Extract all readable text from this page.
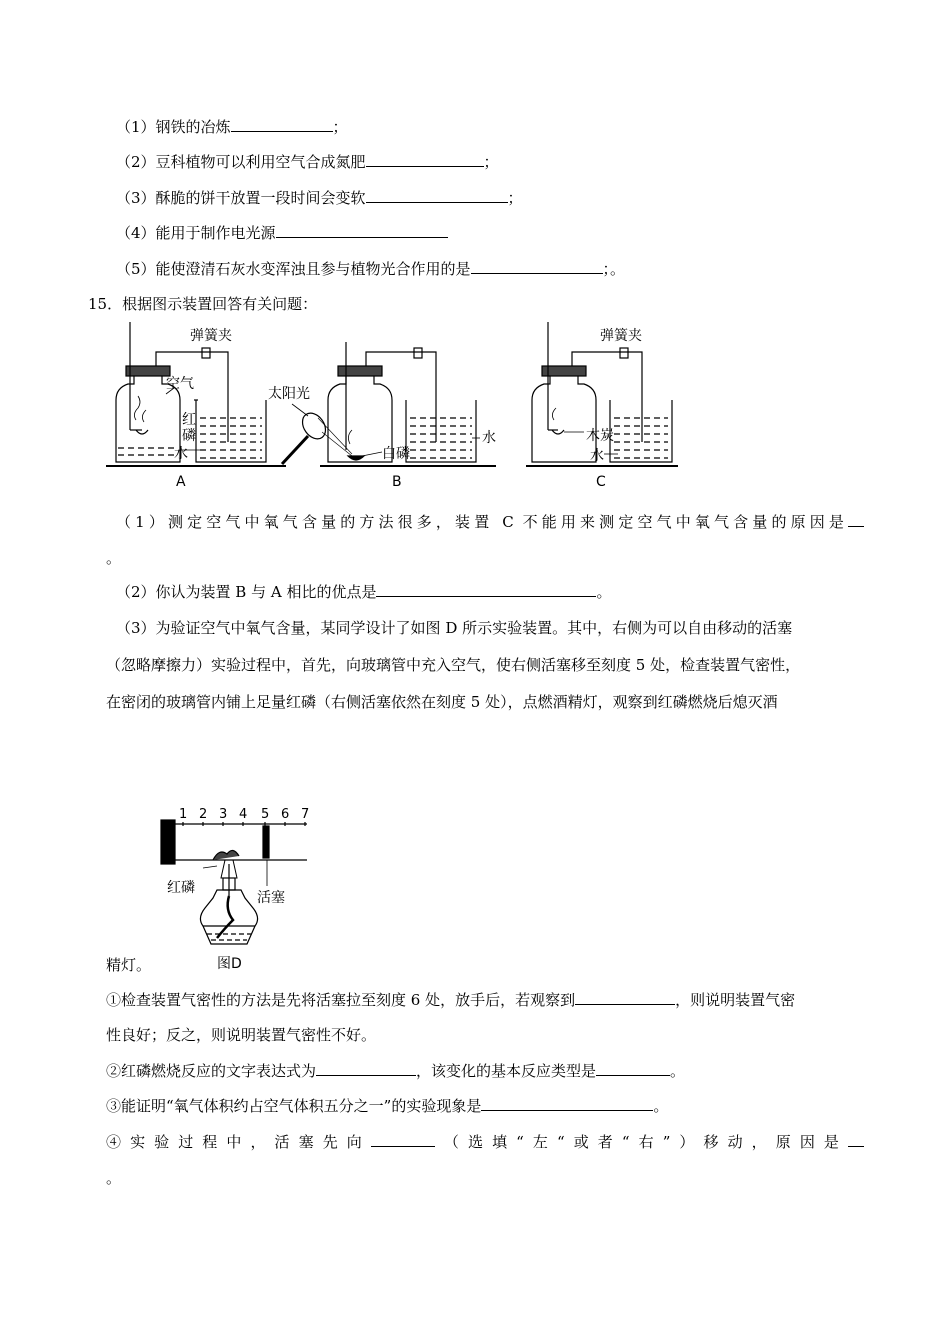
（1）钢铁的冶炼	；
（2）豆科植物可以利用空气合成氮肥	；
（3）酥脆的饼干放置一段时间会变软	；
（4）能用于制作电光源
（5）能使澄清石灰水变浑浊且参与植物光合作用的是	；。
15．根据图示装置回答有关问题：
弹簧夹
空气
红
磷
水
A
太阳光
白磷
水
B
弹簧夹
木炭
水
C
（1）测定空气中氧气含量的方法很多，装置 C 不能用来测定空气中氧气含量的原因是
。
（2）你认为装置 B 与 A 相比的优点是	。
（3）为验证空气中氧气含量，某同学设计了如图 D 所示实验装置。其中，右侧为可以自由移动的活塞
（忽略摩擦力）实验过程中，首先，向玻璃管中充入空气，使右侧活塞移至刻度 5 处，检查装置气密性，
在密闭的玻璃管内铺上足量红磷（右侧活塞依然在刻度 5 处），点燃酒精灯，观察到红磷燃烧后熄灭酒
1 2 3 4 5 6 7
红磷
活塞
图D
精灯。
①检查装置气密性的方法是先将活塞拉至刻度 6 处，放手后，若观察到	，则说明装置气密
性良好；反之，则说明装置气密性不好。
②红磷燃烧反应的文字表达式为	，该变化的基本反应类型是	。
③能证明“氧气体积约占空气体积五分之一”的实验现象是	。
④实验过程中，活塞先向	（选填“左“或者“右”）移动，原因是
。
